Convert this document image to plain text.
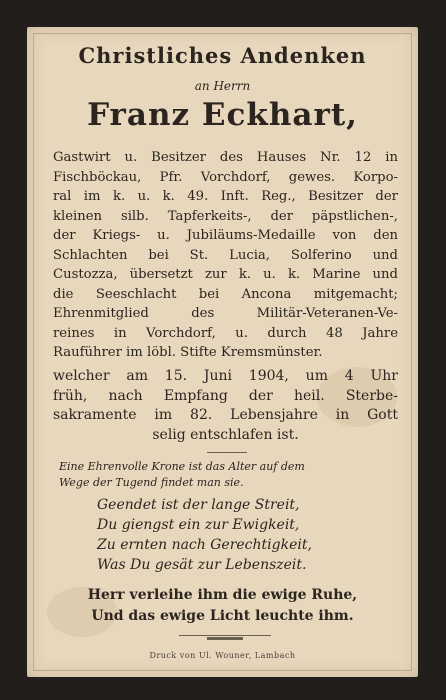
Christliches Andenken
an Herrn
Franz Eckhart,
Gastwirt u. Besitzer des Hauses Nr. 12 in
Fischböckau, Pfr. Vorchdorf, gewes. Korpo-
ral im k. u. k. 49. Inft. Reg., Besitzer der
kleinen silb. Tapferkeits-, der päpstlichen-,
der Kriegs- u. Jubiläums-Medaille von den
Schlachten bei St. Lucia, Solferino und
Custozza, übersetzt zur k. u. k. Marine und
die Seeschlacht bei Ancona mitgemacht;
Ehrenmitglied des Militär-Veteranen-Ve-
reines in Vorchdorf, u. durch 48 Jahre
Rauführer im löbl. Stifte Kremsmünster.
welcher am 15. Juni 1904, um 4 Uhr
früh, nach Empfang der heil. Sterbe-
sakramente im 82. Lebensjahre in Gott
selig entschlafen ist.
Eine Ehrenvolle Krone ist das Alter auf dem
Wege der Tugend findet man sie.
Geendet ist der lange Streit,
Du giengst ein zur Ewigkeit,
Zu ernten nach Gerechtigkeit,
Was Du gesät zur Lebenszeit.
Herr verleihe ihm die ewige Ruhe,
Und das ewige Licht leuchte ihm.
Druck von Ul. Wouner, Lambach
